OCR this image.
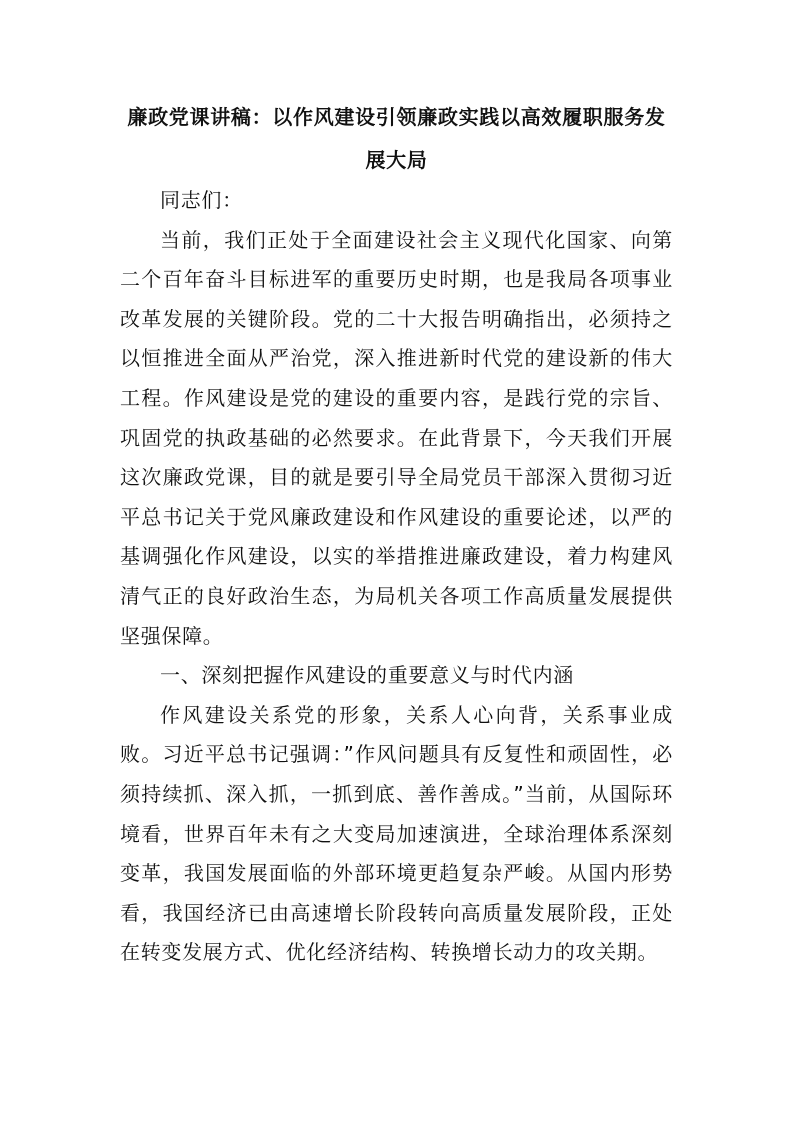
廉政党课讲稿：以作风建设引领廉政实践以高效履职服务发展大局

同志们：

当前，我们正处于全面建设社会主义现代化国家、向第二个百年奋斗目标进军的重要历史时期，也是我局各项事业改革发展的关键阶段。党的二十大报告明确指出，必须持之以恒推进全面从严治党，深入推进新时代党的建设新的伟大工程。作风建设是党的建设的重要内容，是践行党的宗旨、巩固党的执政基础的必然要求。在此背景下，今天我们开展这次廉政党课，目的就是要引导全局党员干部深入贯彻习近平总书记关于党风廉政建设和作风建设的重要论述，以严的基调强化作风建设，以实的举措推进廉政建设，着力构建风清气正的良好政治生态，为局机关各项工作高质量发展提供坚强保障。

一、深刻把握作风建设的重要意义与时代内涵

作风建设关系党的形象，关系人心向背，关系事业成败。习近平总书记强调：”作风问题具有反复性和顽固性，必须持续抓、深入抓，一抓到底、善作善成。”当前，从国际环境看，世界百年未有之大变局加速演进，全球治理体系深刻变革，我国发展面临的外部环境更趋复杂严峻。从国内形势看，我国经济已由高速增长阶段转向高质量发展阶段，正处在转变发展方式、优化经济结构、转换增长动力的攻关期。
